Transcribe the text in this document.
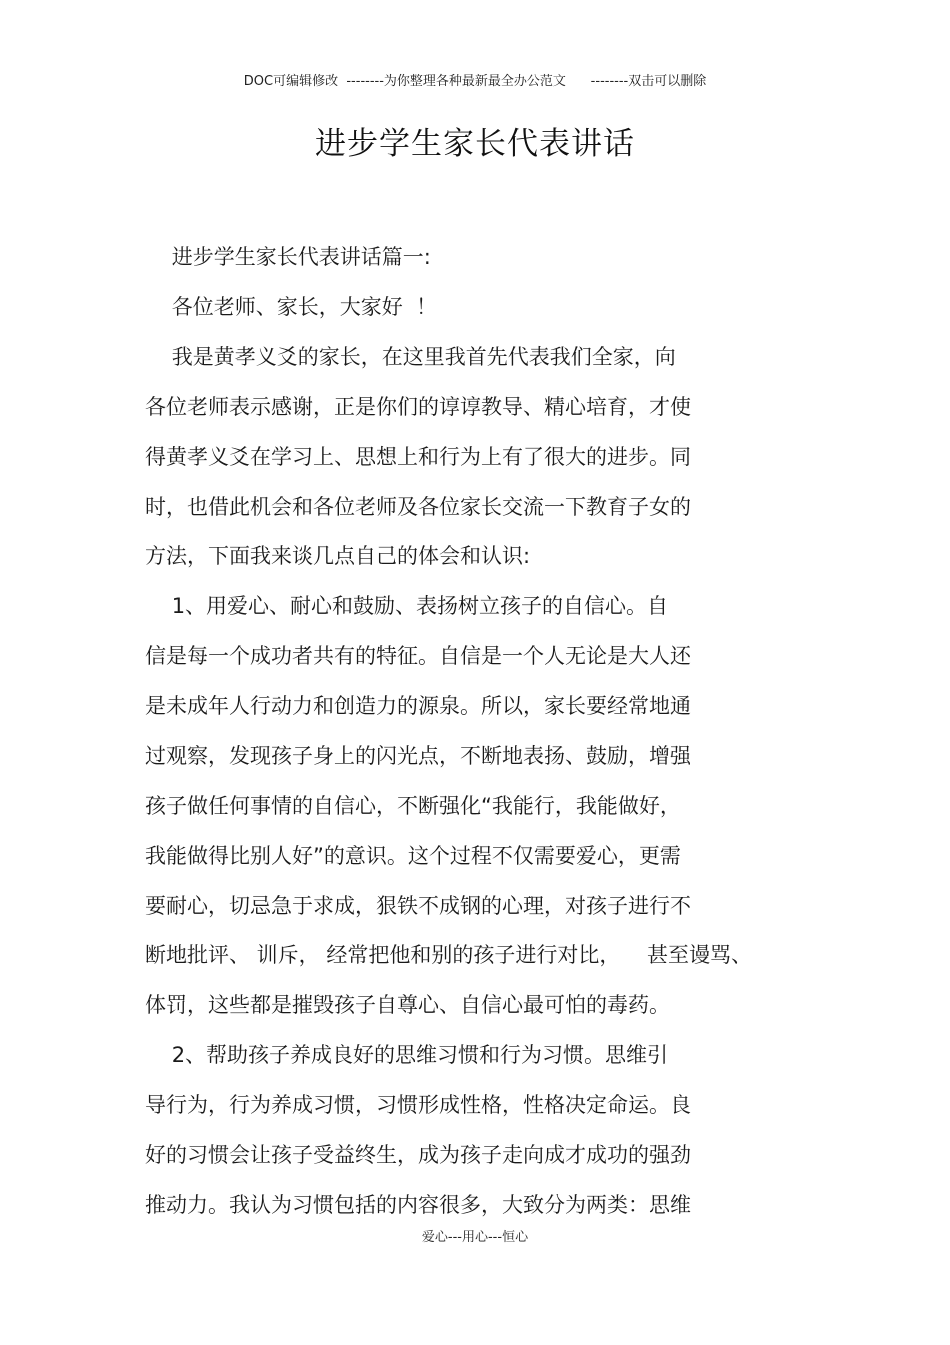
DOC可编辑修改  --------为你整理各种最新最全办公范文      --------双击可以删除
进步学生家长代表讲话
进步学生家长代表讲话篇一:
各位老师、家长，大家好  ！
我是黄孝义爻的家长，在这里我首先代表我们全家，向
各位老师表示感谢，正是你们的谆谆教导、精心培育，才使
得黄孝义爻在学习上、思想上和行为上有了很大的进步。同
时，也借此机会和各位老师及各位家长交流一下教育子女的
方法，下面我来谈几点自己的体会和认识:
1、用爱心、耐心和鼓励、表扬树立孩子的自信心。自
信是每一个成功者共有的特征。自信是一个人无论是大人还
是未成年人行动力和创造力的源泉。所以，家长要经常地通
过观察，发现孩子身上的闪光点，不断地表扬、鼓励，增强
孩子做任何事情的自信心，不断强化“我能行，我能做好，
我能做得比别人好”的意识。这个过程不仅需要爱心，更需
要耐心，切忌急于求成，狠铁不成钢的心理，对孩子进行不
断地批评、 训斥， 经常把他和别的孩子进行对比，    甚至谩骂、
体罚，这些都是摧毁孩子自尊心、自信心最可怕的毒药。
2、帮助孩子养成良好的思维习惯和行为习惯。思维引
导行为，行为养成习惯，习惯形成性格，性格决定命运。良
好的习惯会让孩子受益终生，成为孩子走向成才成功的强劲
推动力。我认为习惯包括的内容很多，大致分为两类：思维
爱心---用心---恒心
